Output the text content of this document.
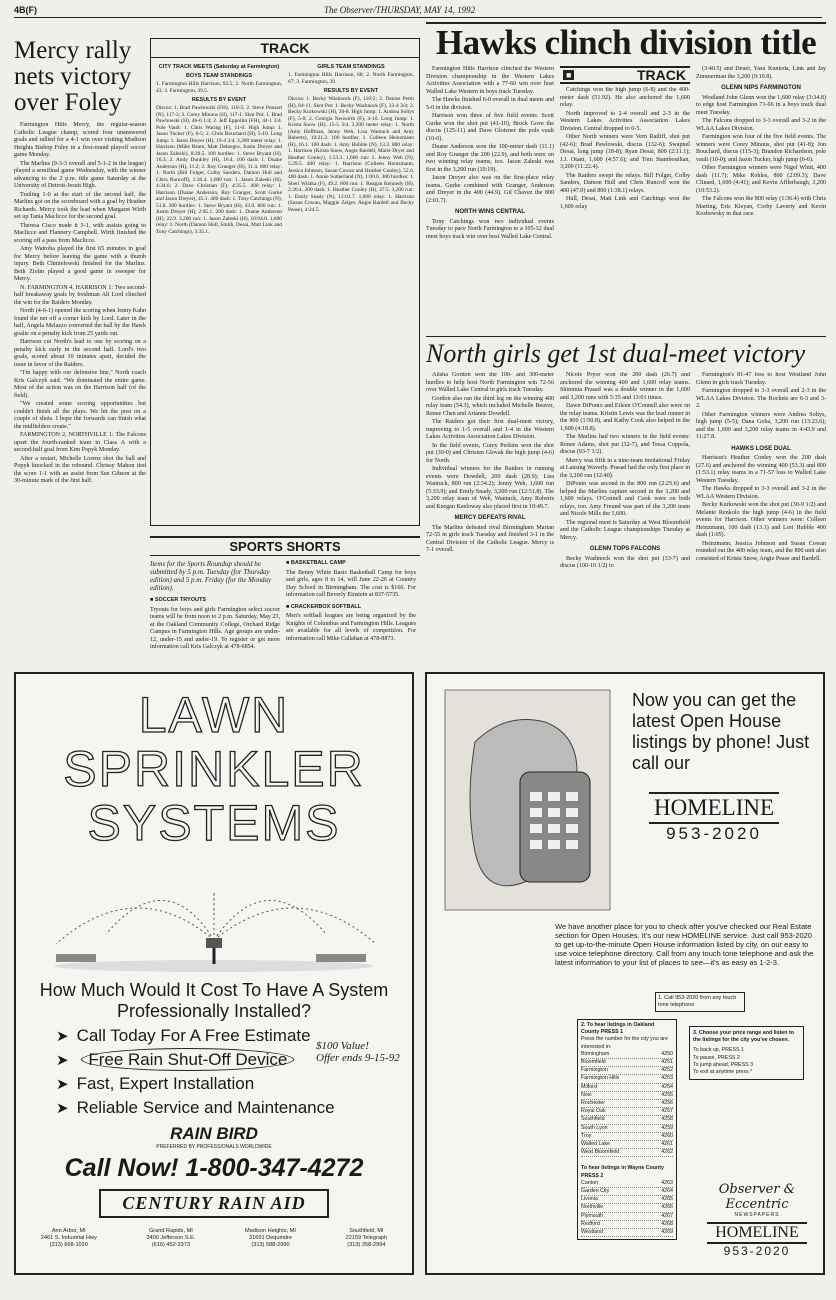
4B(F)	The Observer/THURSDAY, MAY 14, 1992
Mercy rally nets victory over Foley

Farmington Hills Mercy, the regular-season Catholic League champ, scored four unanswered goals and rallied for a 4-1 win over visiting Madison Heights Bishop Foley in a first-round playoff soccer game Monday.

The Marlins (9-3-3 overall and 5-1-2 in the league) played a semifinal game Wednesday, with the winner advancing to the 2 p.m. title game Saturday at the University of Detroit-Jesuit High.

Trailing 1-0 at the start of the second half, the Marlins got on the scoreboard with a goal by Heather Richards. Mercy took the lead when Margaret Wirth set up Tania Maclicce for the second goal.

Theresa Cisco made it 3-1, with assists going to Maclicce and Flannery Campbell. Wirth finished the scoring off a pass from Maclicce.

Amy Watroba played the first 65 minutes in goal for Mercy before leaving the game with a thumb injury. Beth Chmielewski finished for the Marlins. Beth Ziolm played a good game in sweeper for Mercy.

N. FARMINGTON 4, HARRISON 1: Two second-half breakaway goals by freshman Ali Lord clinched the win for the Raiders Monday.

North (4-6-1) opened the scoring when Jenny Kahn found the net off a corner kick by Lord. Later in the half, Angela Melazzo converted the ball by the Hawk goalie on a penalty kick from 25 yards out.

Harrison cut North's lead to one by scoring on a penalty kick early in the second half. Lord's two goals, scored about 10 minutes apart, decided the issue in favor of the Raiders.

"I'm happy with our defensive line," North coach Kris Galczyk said. "We dominated the entire game. Most of the action was on the Harrison half (of the field).

"We created some scoring opportunities but couldn't finish all the plays. We hit the post on a couple of shots. I hope the forwards can finish what the midfielders create."

FARMINGTON 2, NORTHVILLE 1: The Falcons upset the fourth-ranked team in Class A with a second-half goal from Kim Popyk Monday.

After a restart, Michelle Lorenz shot the ball and Popyk knocked in the rebound. Chrissy Mahon tied the score 1-1 with an assist from Sue Gibson at the 30-minute mark of the first half.

TRACK
CITY TRACK MEETS (Saturday at Farmington)
BOYS TEAM STANDINGS
1. Farmington Hills Harrison, 92.5; 2. North Farmington, 43; 3. Farmington, 39.5.
RESULTS BY EVENT
Discus: 1. Brad Pawlowski (FH), 118-5; 2. Steve Ponsart (N), 117-3; 3. Corey Minous (H), 117-1. Shot Put: 1. Brad Pawlowski (H), 46-6 1/4; 2. Jeff Eppolito (FH), 44-1 3/4. Pole Vault: 1. Chris Waring (F), 11-0. High Jump: 1. Jason Tucker (F), 6-5; 2. Chris Bouchard (H), 5-10. Long Jump: 1. Jason Dreyer (H), 19-4 3/4. 3,200 meter relay: 1. Harrison (Mike Beam, Matt Delnegro, Justin Dreyer and Jason Zaleski), 8:20.5. 100 hurdles: 1. Steve Bryant (H), 16.3; 2. Andy Dunkley (H), 16.4. 100 dash: 1. Duane Anderson (H), 11.2; 2. Roy Granger (H), 11.4. 800 relay: 1. North (Bill Folger, Colby Sanders, Damon Hull and Chris Runcoff), 1:36.4. 1,600 run: 1. Jason Zaleski (H), 4:34.6; 2. Dave Christian (F), 4:35.5. 400 relay: 1. Harrison (Duane Anderson, Roy Granger, Scott Gurke and Jason Dreyer), 45.1. 400 dash: 1. Tony Catchings (N), 51.8. 300 hurdles: 1. Steve Bryant (H), 43.0. 800 run: 1. Justin Dreyer (H), 2:05.1. 200 dash: 1. Duane Anderson (H), 22.9. 3,200 run: 1. Jason Zaleski (H), 10:04.0. 1,600 relay: 1. North (Damon Hull, Smith, Desai, Matt Link and Tony Catchings), 3:35.1.
GIRLS TEAM STANDINGS
1. Farmington Hills Harrison, 68; 2. North Farmington, 67; 3. Farmington, 39.
RESULTS BY EVENT
Discus: 1. Becky Washnock (F), 110-2; 2. Denise Pettit (H), 84-11. Shot Put: 1. Becky Washnock (F), 33-4 3/4; 2. Becky Kurkowski (H), 30-8. High Jump: 1. Andrea Soltys (F), 5-0; 2. Georgia Neuwirth (F), 4-10. Long Jump: 1. Krista Snow (H), 15-5 3/4. 3,200 meter relay: 1. North (Amy Hoffman, Jenny Weh, Lisa Wantuck and Amy Roberts), 10:21.2. 100 hurdles: 1. Colleen Heinzmann (H), 16.1. 100 dash: 1. Amy Hubble (N), 13.3. 800 relay: 1. Harrison (Krista Snow, Angie Bardell, Marie Dryer and Heather Conley), 1:53.3. 1,600 run: 1. Jenny Weh (N), 5:29.5. 400 relay: 1. Harrison (Colleen Heinzmann, Jessica Johnson, Susan Cowan and Heather Conley), 52.6. 400 dash: 1. Annie Sutherland (N), 1:00.6. 300 hurdles: 1. Sheri Wilaka (F), 49.2. 800 run: 1. Reagan Kennedy (H), 2:30.4. 200 dash: 1. Heather Conley (H), 27.5. 3,200 run: 1. Emily Snady (N), 12:01.7. 1,600 relay: 1. Harrison (Susan Cowan, Maggie Zeiger, Angie Bardell and Becky Pease), 4:24.5.
SPORTS SHORTS
Items for the Sports Roundup should be submitted by 5 p.m. Tuesday (for Thursday edition) and 5 p.m. Friday (for the Monday edition).
■ SOCCER TRYOUTS
Tryouts for boys and girls Farmington select soccer teams will be from noon to 2 p.m. Saturday, May 23, at the Oakland Community College, Orchard Ridge Campus in Farmington Hills. Age groups are under-12, under-15 and under-19. To register or get more information call Kris Galczyk at 478-6854.
■ BASKETBALL CAMP
The Benny White Basic Basketball Camp for boys and girls, ages 8 to 14, will June 22-26 at Country Day School in Birmingham. The cost is $160. For information call Beverly Einstein at 837-5735.
■ CRACKERBOX SOFTBALL
Men's softball leagues are being organized by the Knights of Columbus and Farmington Hills. Leagues are available for all levels of competition. For information call Mike Callahan at 478-8873.
Hawks clinch division title

Farmington Hills Harrison clinched the Western Division championship in the Western Lakes Activities Association with a 77-60 win over host Walled Lake Western in boys track Tuesday.

The Hawks finished 6-0 overall in dual meets and 5-0 in the division.

Harrison won three of five field events. Scott Gurke won the shot put (41-10), Brock Gove the discus (125-11) and Dave Glotzner the pole vault (10-0).

Duane Anderson won the 100-meter dash (11.1) and Roy Granger the 200 (22.9), and both were on two winning relay teams, too. Jason Zaleski was first in the 3,200 run (10:19).

Jason Dreyer also was on the first-place relay teams. Gurke combined with Granger, Anderson and Dreyer in the 400 (44.9). Gil Chavez the 800 (2:01.7).

NORTH WINS CENTRAL

Tony Catchings won two individual events Tuesday to pace North Farmington to a 105-32 dual meet boys track win over host Walled Lake Central.

■	TRACK

Catchings won the high jump (6-8) and the 400-meter dash (51.92). He also anchored the 1,600 relay.

North improved to 2-4 overall and 2-3 in the Western Lakes Activities Association Lakes Division. Central dropped to 0-5.

Other North winners were Vern Ratliff, shot put (42-6); Brad Pawlowski, discus (132-6); Swapnel Desai, long jump (18-8); Ryan Desai, 800 (2:11.1); J.J. Otani, 1,600 (4:57.6); and Tom Stambouilian, 3,200 (11:22.4).

The Raiders swept the relays. Bill Folger, Colby Sanders, Damon Hull and Chris Runcoff won the 400 (47.0) and 800 (1:38.1) relays.

Hull, Desai, Matt Link and Catchings won the 1,600 relay

(3:40.5) and Deuel, Yasu Kunieda, Link and Jay Zimmerman the 3,200 (9:10.8).

GLENN NIPS FARMINGTON

Westland John Glenn won the 1,600 relay (3:34.8) to edge host Farmington 71-66 in a boys track dual meet Tuesday.

The Falcons dropped to 3-3 overall and 3-2 in the WLAA Lakes Division.

Farmington won four of the five field events. The winners were Corey Minous, shot put (41-8); Jon Bouchard, discus (115-3); Brandon Richardson, pole vault (10-0); and Jason Tucker, high jump (6-6).

Other Farmington winners were Nigel Whitt, 400 dash (11.7); Mike Rohles, 800 (2:09.3); Dave Clinard, 1,600 (4:41); and Kevin Afflerbaugh, 3,200 (10:53.2).

The Falcons won the 800 relay (1:36.4) with Chris Marting, Eric Kieyan, Corby Laverty and Kevin Kosbowsky in that race.

North girls get 1st dual-meet victory

Alisha Gordon won the 100- and 300-meter hurdles to help host North Farmington win 72-56 over Walled Lake Central in girls track Tuesday.

Gordon also ran the third leg on the winning 400 relay team (54.3), which included Michelle Beaver, Renee Chen and Arianne Dowdell.

The Raiders got their first dual-meet victory, improving to 1-5 overall and 1-4 in the Western Lakes Activities Association Lakes Division.

In the field events, Corey Perkins won the shot put (30-0) and Christen Glovak the high jump (4-6) for North.

Individual winners for the Raiders in running events were Dowdell, 200 dash (28.9); Lisa Wantuck, 800 run (2:34.2); Jenny Weh, 1,600 run (5:33.9); and Emily Snady, 3,200 run (12:51.8). The 3,200 relay team of Weh, Wantuck, Amy Roberts and Keegan Keeloway also placed first in 10:49.7.

MERCY DEFEATS RIVAL

The Marlins defeated rival Birmingham Marian 72-55 in girls track Tuesday and finished 3-1 in the Central Division of the Catholic League. Mercy is 7-1 overall.

Nicole Pryor won the 200 dash (26.7) and anchored the winning 400 and 1,600 relay teams. Shimmia Prasad was a double winner in the 1,600 and 3,200 runs with 5:35 and 13:01 times.

Dawn DiPonio and Eileen O'Connell also were on the relay teams. Kristin Lewis was the lead runner in the 800 (1:50.8), and Kathy Cook also helped in the 1,600 (4:18.8).

The Marlins had two winners in the field events: Renee Adams, shot put (32-7), and Tessa Coppola, discus (93-7 1/2).

Mercy was fifth in a nine-team invitational Friday at Lansing Waverly. Prasad had the only first place in the 3,200 run (12:40).

DiPonio was second in the 800 run (2:25.6) and helped the Marlins capture second in the 3,200 and 1,600 relays. O'Connell and Cook were on both relays, too. Amy Freund was part of the 3,200 team and Nicole Mills the 1,600.

The regional meet is Saturday at West Bloomfield and the Catholic League championships Tuesday at Mercy.

GLENN TOPS FALCONS

Becky Washnock won the shot put (33-7) and discus (100-10 1/2) to

Farmington's 81-47 loss to host Westland John Glenn in girls track Tuesday.

Farmington dropped to 3-3 overall and 2-3 in the WLAA Lakes Division. The Rockets are 6-3 and 3-2.

Other Farmington winners were Andrea Soltys, high jump (5-5); Dana Goba, 3,200 run (13:23.6); and the 1,600 and 3,200 relay teams in 4:43.9 and 11:27.8.

HAWKS LOSE DUAL

Harrison's Heather Conley won the 200 dash (27.6) and anchored the winning 400 (53.3) and 800 (1:53.1) relay teams in a 71-57 loss to Walled Lake Western Tuesday.

The Hawks dropped to 3-3 overall and 3-2 in the WLAA Western Division.

Becky Kurkowski won the shot put (30-9 1/2) and Melanie Renkolo the high jump (4-6) in the field events for Harrison. Other winners were: Colleen Heinzmann, 100 dash (13.1) and Lori Hubble 400 dash (1:05).

Heinzmann, Jessica Johnson and Susan Cowan rounded out the 400 relay team, and the 800 unit also consisted of Krista Snow, Angie Pease and Bardell.

LAWN SPRINKLER
SYSTEMS
How Much Would It Cost To Have A System Professionally Installed?
➤ Call Today For A Free Estimate
➤ Free Rain Shut-Off Device
$100 Value!
Offer ends 9-15-92
➤ Fast, Expert Installation
➤ Reliable Service and Maintenance
RAIN BIRD
PREFERRED BY PROFESSIONALS WORLDWIDE
Call Now! 1-800-347-4272
CENTURY RAIN AID
Ann Arbor, MI
2461 S. Industrial Hwy
(313) 668-1020
Grand Rapids, MI
3400 Jefferson S.E.
(616) 452-3373
Madison Heights, MI
31691 Dequindre
(313) 588-2990
Southfield, MI
22159 Telegraph
(313) 358-2994
Now you can get the latest Open House listings by phone! Just call our
HOMELINE
953-2020
We have another place for you to check after you've checked our Real Estate section for Open Houses. It's our new HOMELINE service. Just call 953-2020 to get up-to-the-minute Open House information listed by city, on our easy to use voice telephone directory. Call from any touch tone telephone and ask the latest information to your list of places to see—it's as easy as 1-2-3.
1. Call 953-2020 from any touch tone telephone
2. To hear listings in Oakland County PRESS 1
Press the number for the city you are interested in:
Birmingham	4250
Bloomfield	4251
Farmington	4252
Farmington Hills	4253
Milford	4254
Novi	4255
Rochester	4256
Royal Oak	4257
Southfield	4258
South Lyon	4259
Troy	4260
Walled Lake	4261
West Bloomfield	4262
To hear listings in Wayne County PRESS 2
Canton	4263
Garden City	4264
Livonia	4265
Northville	4266
Plymouth	4267
Redford	4268
Westland	4269
3. Choose your price range and listen to the listings for the city you've chosen.
To back up, PRESS 1
To pause, PRESS 2
To jump ahead, PRESS 3
To exit at anytime press *
Observer & Eccentric
NEWSPAPERS
HOMELINE
953-2020
